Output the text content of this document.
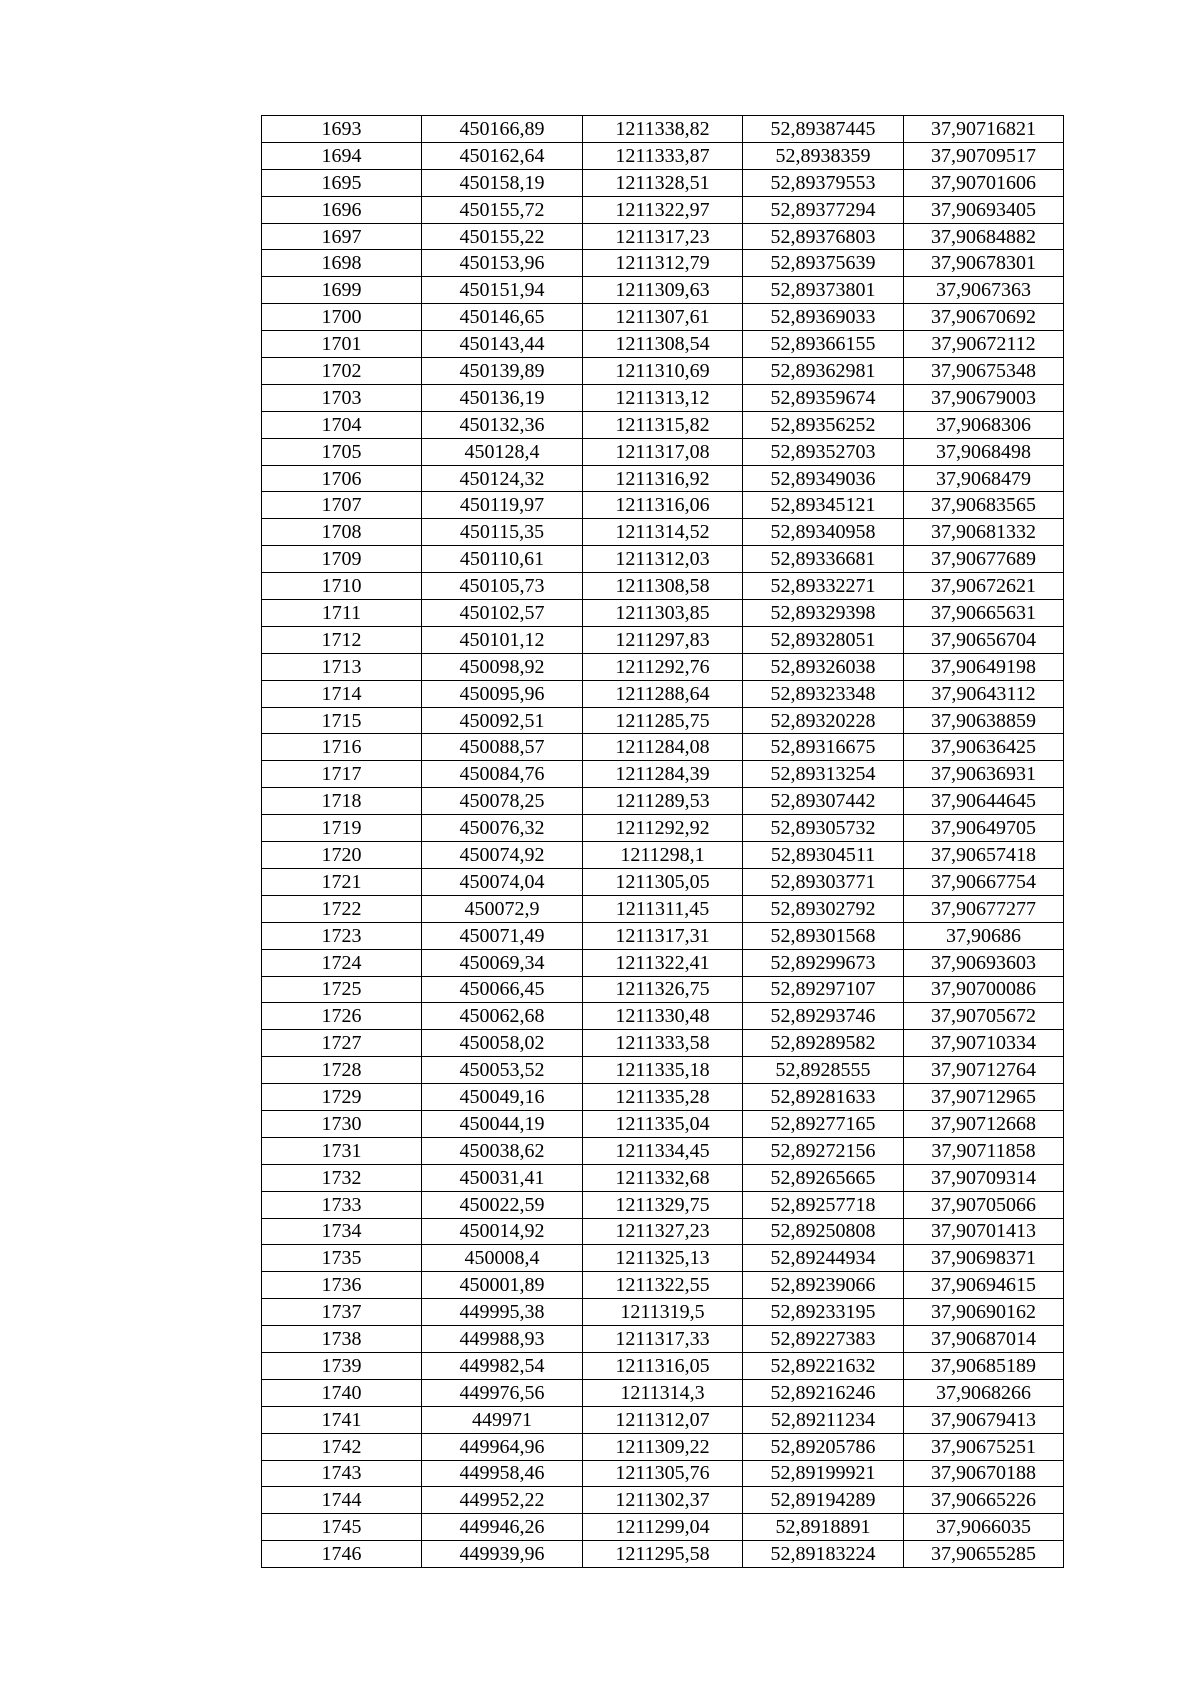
1693	450166,89	1211338,82	52,89387445	37,90716821
1694	450162,64	1211333,87	52,8938359	37,90709517
1695	450158,19	1211328,51	52,89379553	37,90701606
1696	450155,72	1211322,97	52,89377294	37,90693405
1697	450155,22	1211317,23	52,89376803	37,90684882
1698	450153,96	1211312,79	52,89375639	37,90678301
1699	450151,94	1211309,63	52,89373801	37,9067363
1700	450146,65	1211307,61	52,89369033	37,90670692
1701	450143,44	1211308,54	52,89366155	37,90672112
1702	450139,89	1211310,69	52,89362981	37,90675348
1703	450136,19	1211313,12	52,89359674	37,90679003
1704	450132,36	1211315,82	52,89356252	37,9068306
1705	450128,4	1211317,08	52,89352703	37,9068498
1706	450124,32	1211316,92	52,89349036	37,9068479
1707	450119,97	1211316,06	52,89345121	37,90683565
1708	450115,35	1211314,52	52,89340958	37,90681332
1709	450110,61	1211312,03	52,89336681	37,90677689
1710	450105,73	1211308,58	52,89332271	37,90672621
1711	450102,57	1211303,85	52,89329398	37,90665631
1712	450101,12	1211297,83	52,89328051	37,90656704
1713	450098,92	1211292,76	52,89326038	37,90649198
1714	450095,96	1211288,64	52,89323348	37,90643112
1715	450092,51	1211285,75	52,89320228	37,90638859
1716	450088,57	1211284,08	52,89316675	37,90636425
1717	450084,76	1211284,39	52,89313254	37,90636931
1718	450078,25	1211289,53	52,89307442	37,90644645
1719	450076,32	1211292,92	52,89305732	37,90649705
1720	450074,92	1211298,1	52,89304511	37,90657418
1721	450074,04	1211305,05	52,89303771	37,90667754
1722	450072,9	1211311,45	52,89302792	37,90677277
1723	450071,49	1211317,31	52,89301568	37,90686
1724	450069,34	1211322,41	52,89299673	37,90693603
1725	450066,45	1211326,75	52,89297107	37,90700086
1726	450062,68	1211330,48	52,89293746	37,90705672
1727	450058,02	1211333,58	52,89289582	37,90710334
1728	450053,52	1211335,18	52,8928555	37,90712764
1729	450049,16	1211335,28	52,89281633	37,90712965
1730	450044,19	1211335,04	52,89277165	37,90712668
1731	450038,62	1211334,45	52,89272156	37,90711858
1732	450031,41	1211332,68	52,89265665	37,90709314
1733	450022,59	1211329,75	52,89257718	37,90705066
1734	450014,92	1211327,23	52,89250808	37,90701413
1735	450008,4	1211325,13	52,89244934	37,90698371
1736	450001,89	1211322,55	52,89239066	37,90694615
1737	449995,38	1211319,5	52,89233195	37,90690162
1738	449988,93	1211317,33	52,89227383	37,90687014
1739	449982,54	1211316,05	52,89221632	37,90685189
1740	449976,56	1211314,3	52,89216246	37,9068266
1741	449971	1211312,07	52,89211234	37,90679413
1742	449964,96	1211309,22	52,89205786	37,90675251
1743	449958,46	1211305,76	52,89199921	37,90670188
1744	449952,22	1211302,37	52,89194289	37,90665226
1745	449946,26	1211299,04	52,8918891	37,9066035
1746	449939,96	1211295,58	52,89183224	37,90655285
